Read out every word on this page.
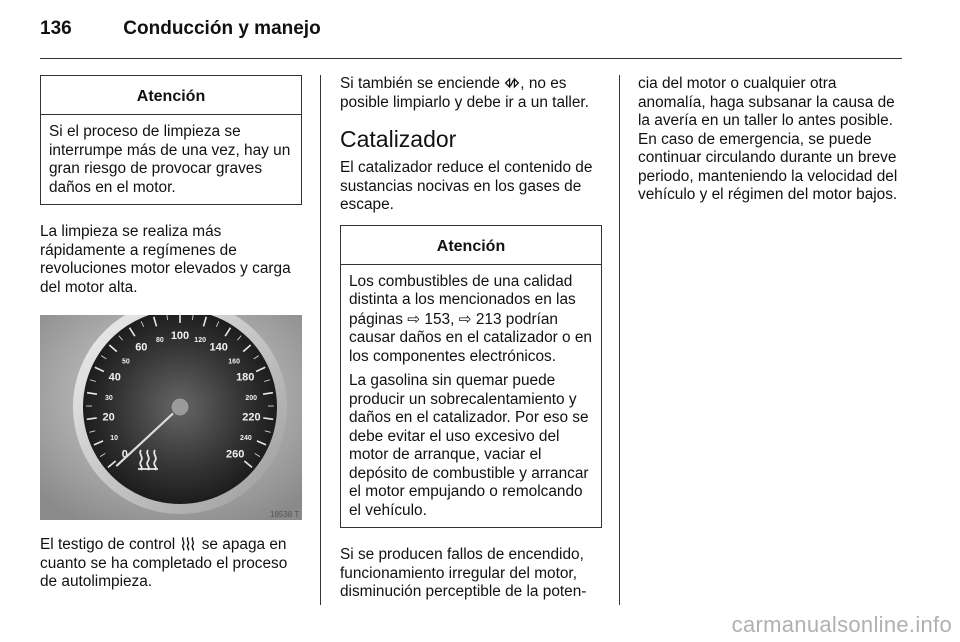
136	Conducción y manejo
Atención

Si el proceso de limpieza se interrumpe más de una vez, hay un gran riesgo de provocar graves daños en el motor.

La limpieza se realiza más rápidamente a regímenes de revoluciones motor elevados y carga del motor alta.

0
10
20
30
40
50
60
80 100 120
140
160
180
200
220
240
260
18538 T

El testigo de control se apaga en cuanto se ha completado el proceso de autolimpieza.

Si también se enciende , no es posible limpiarlo y debe ir a un taller.

Catalizador

El catalizador reduce el contenido de sustancias nocivas en los gases de escape.

Atención

Los combustibles de una calidad distinta a los mencionados en las páginas ⇨ 153, ⇨ 213 podrían causar daños en el catalizador o en los componentes electrónicos.

La gasolina sin quemar puede producir un sobrecalentamiento y daños en el catalizador. Por eso se debe evitar el uso excesivo del motor de arranque, vaciar el depósito de combustible y arrancar el motor empujando o remolcando el vehículo.

Si se producen fallos de encendido, funcionamiento irregular del motor, disminución perceptible de la poten-

cia del motor o cualquier otra anomalía, haga subsanar la causa de la avería en un taller lo antes posible. En caso de emergencia, se puede continuar circulando durante un breve periodo, manteniendo la velocidad del vehículo y el régimen del motor bajos.

carmanualsonline.info
